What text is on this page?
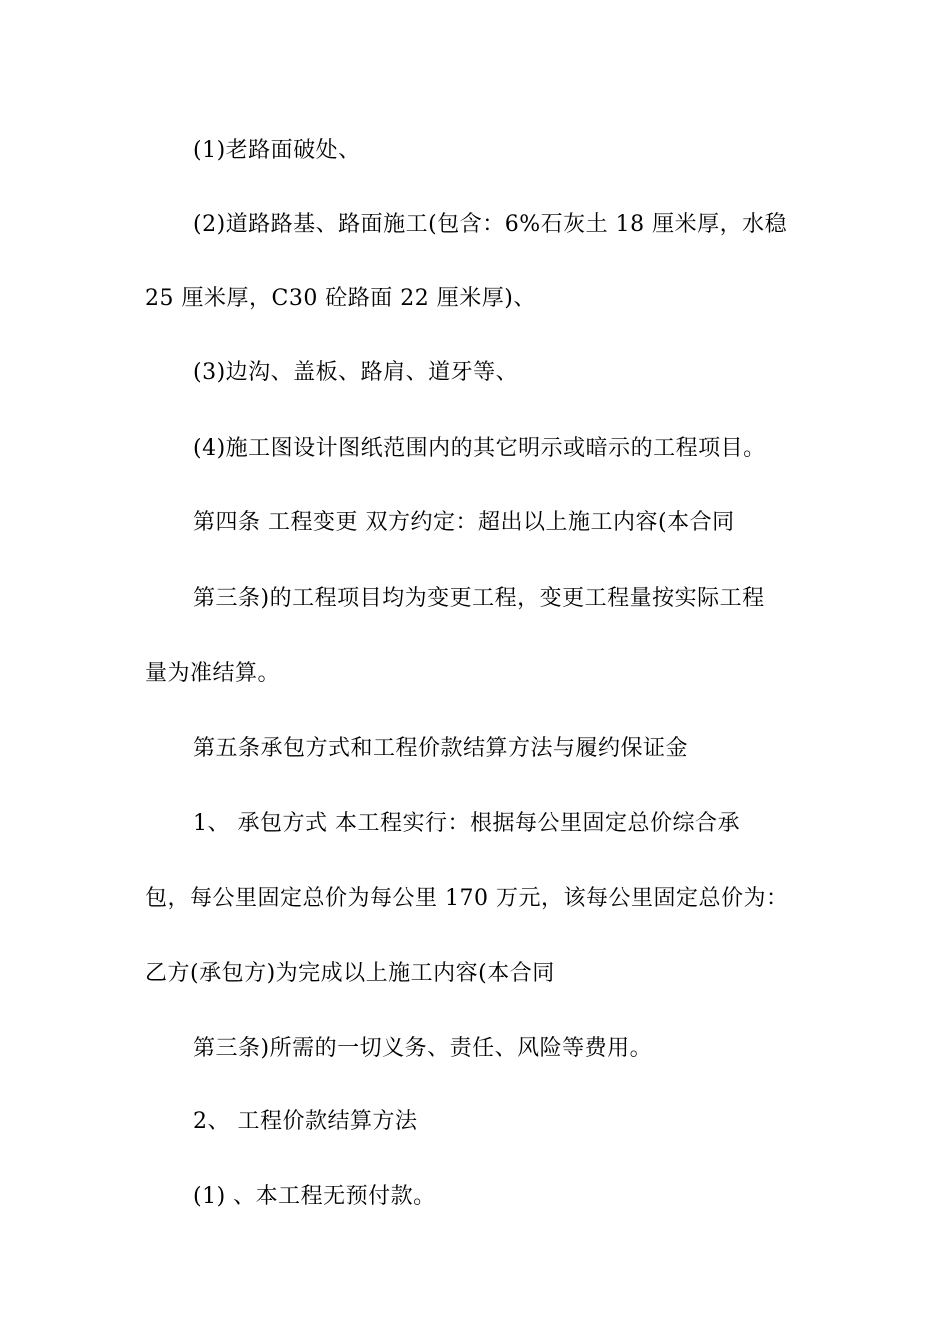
(1)老路面破处、
(2)道路路基、路面施工(包含：6%石灰土 18 厘米厚，水稳
25 厘米厚，C30 砼路面 22 厘米厚)、
(3)边沟、盖板、路肩、道牙等、
(4)施工图设计图纸范围内的其它明示或暗示的工程项目。
第四条 工程变更 双方约定：超出以上施工内容(本合同
第三条)的工程项目均为变更工程，变更工程量按实际工程
量为准结算。
第五条承包方式和工程价款结算方法与履约保证金
1、 承包方式 本工程实行：根据每公里固定总价综合承
包，每公里固定总价为每公里 170 万元，该每公里固定总价为：
乙方(承包方)为完成以上施工内容(本合同
第三条)所需的一切义务、责任、风险等费用。
2、 工程价款结算方法
(1) 、本工程无预付款。
